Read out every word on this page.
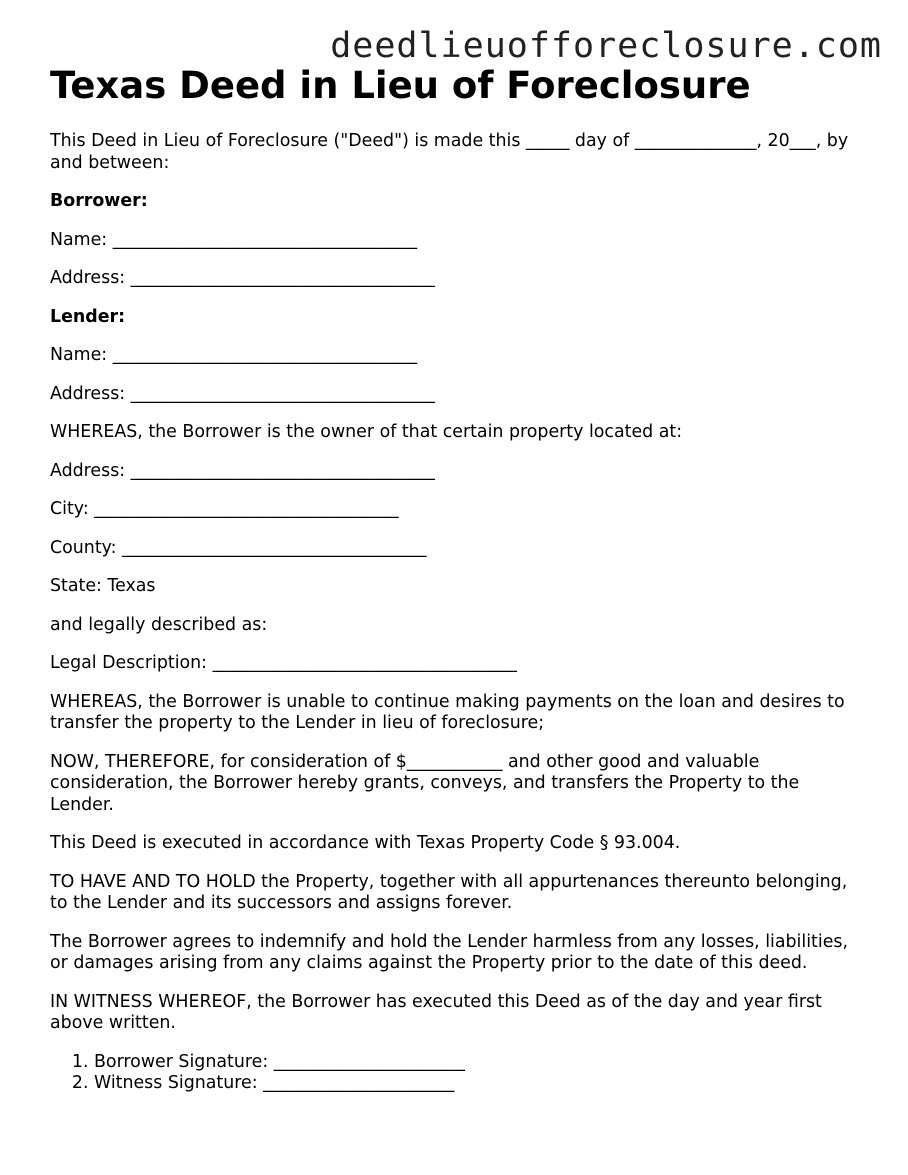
deedlieuofforeclosure.com
Texas Deed in Lieu of Foreclosure

This Deed in Lieu of Foreclosure ("Deed") is made this _____ day of ______________, 20___, by and between:

Borrower:

Name: ___________________________________

Address: ___________________________________

Lender:

Name: ___________________________________

Address: ___________________________________

WHEREAS, the Borrower is the owner of that certain property located at:

Address: ___________________________________

City: ___________________________________

County: ___________________________________

State: Texas

and legally described as:

Legal Description: ___________________________________

WHEREAS, the Borrower is unable to continue making payments on the loan and desires to transfer the property to the Lender in lieu of foreclosure;

NOW, THEREFORE, for consideration of $___________ and other good and valuable consideration, the Borrower hereby grants, conveys, and transfers the Property to the Lender.

This Deed is executed in accordance with Texas Property Code § 93.004.

TO HAVE AND TO HOLD the Property, together with all appurtenances thereunto belonging, to the Lender and its successors and assigns forever.

The Borrower agrees to indemnify and hold the Lender harmless from any losses, liabilities, or damages arising from any claims against the Property prior to the date of this deed.

IN WITNESS WHEREOF, the Borrower has executed this Deed as of the day and year first above written.

1. Borrower Signature: ______________________
2. Witness Signature: ______________________
